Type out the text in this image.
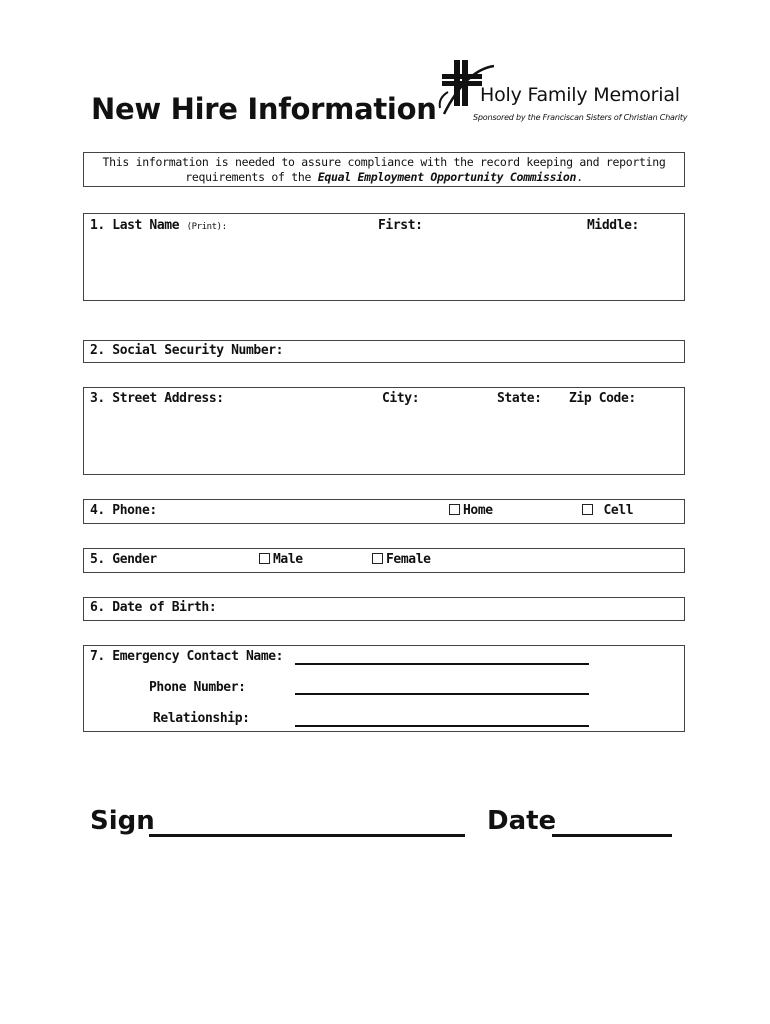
New Hire Information Holy Family Memorial
Sponsored by the Franciscan Sisters of Christian Charity
This information is needed to assure compliance with the record keeping and reporting requirements of the Equal Employment Opportunity Commission.
1. Last Name (Print):	First:	Middle:
2. Social Security Number:
3. Street Address:	City:	State: Zip Code:
4. Phone:	Home	Cell
5. Gender	Male	Female
6. Date of Birth:
7. Emergency Contact Name:
Phone Number:
Relationship:
Sign	Date
